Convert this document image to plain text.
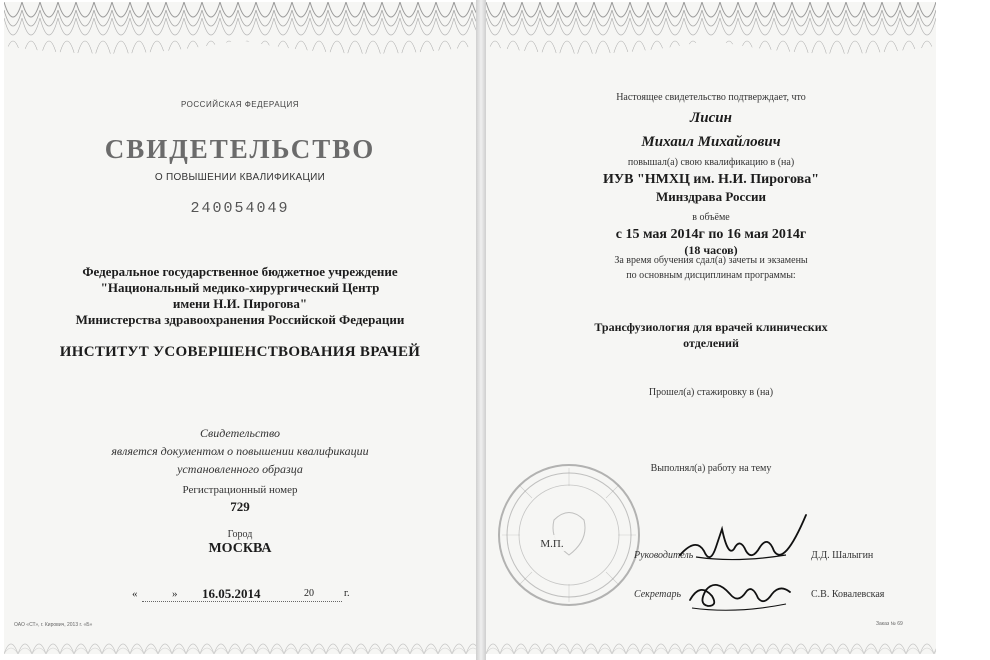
РОССИЙСКАЯ ФЕДЕРАЦИЯ
СВИДЕТЕЛЬСТВО
О ПОВЫШЕНИИ КВАЛИФИКАЦИИ
240054049
Федеральное государственное бюджетное учреждение
"Национальный медико-хирургический Центр
имени Н.И. Пирогова"
Министерства здравоохранения Российской Федерации
ИНСТИТУТ УСОВЕРШЕНСТВОВАНИЯ ВРАЧЕЙ
Свидетельство
является документом о повышении квалификации
установленного образца
Регистрационный номер
729
Город
МОСКВА
«	» 16.05.2014	20	г.
ОАО «СТ», г. Кирович, 2013 г. «Б»
Настоящее свидетельство подтверждает, что
Лисин
Михаил Михайлович
повышал(а) свою квалификацию в (на)
ИУВ "НМХЦ им. Н.И. Пирогова"
Минздрава России
в объёме
с 15 мая 2014г по 16 мая 2014г
(18 часов)
За время обучения сдал(а) зачеты и экзамены
по основным дисциплинам программы:
Трансфузиология для врачей клинических
отделений
Прошел(а) стажировку в (на)
Выполнял(а) работу на тему
М.П.
Руководитель	Д.Д. Шалыгин
Секретарь	С.В. Ковалевская
Заказ № 69
